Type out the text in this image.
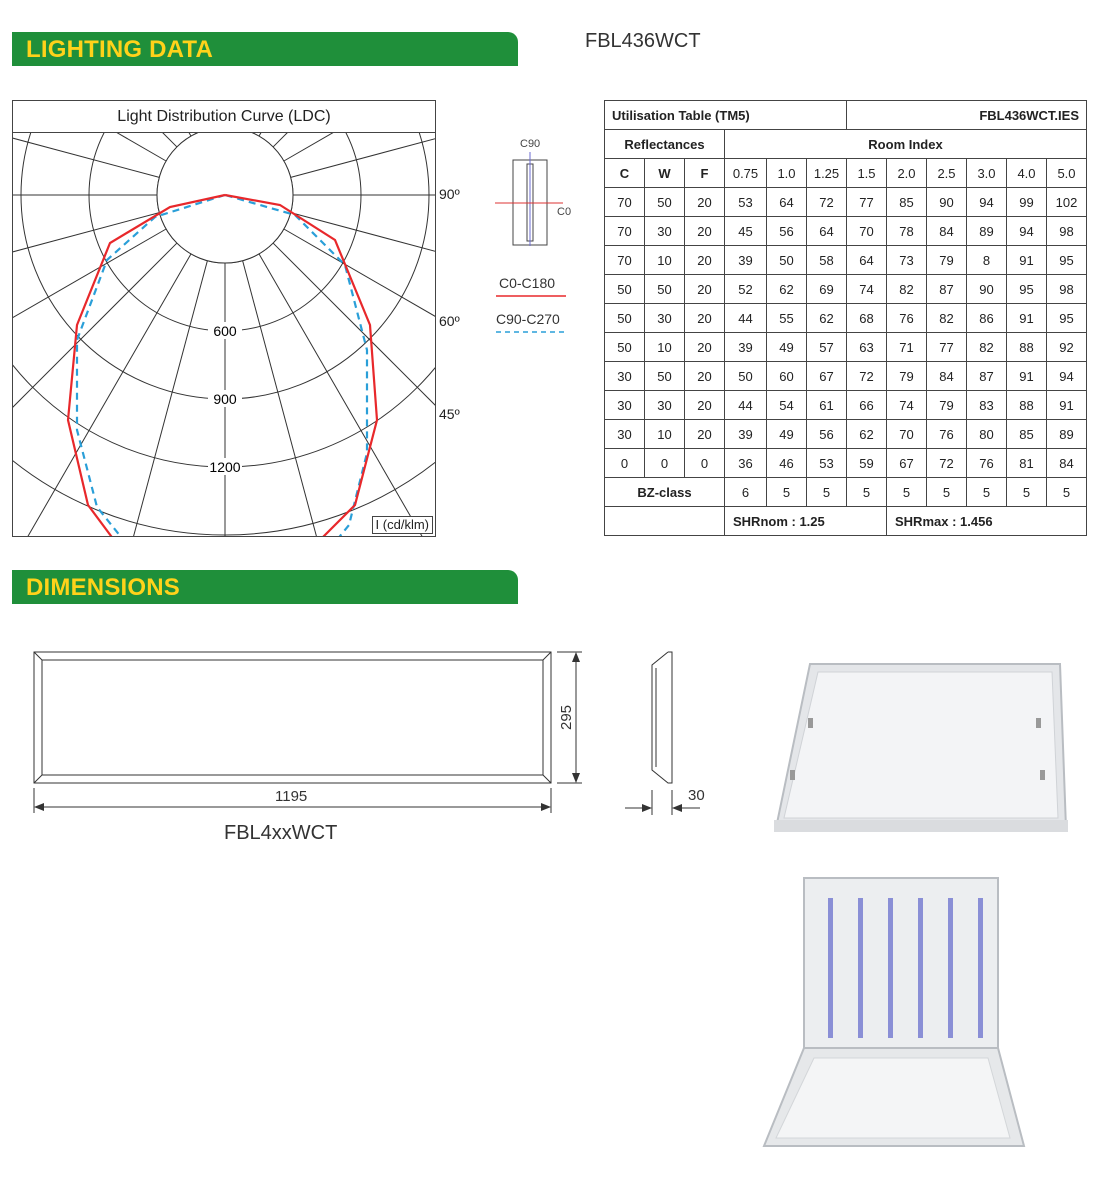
LIGHTING DATA	FBL436WCT
Light Distribution Curve (LDC)
600
900
1200
I (cd/klm)
90º
60º
45º
C90
C0
C0-C180
C90-C270
Utilisation Table (TM5)						FBL436WCT.IES					
Reflectances			Room Index								
C	W	F	0.75	1.0	1.25	1.5	2.0	2.5	3.0	4.0	5.0
70	50	20	53	64	72	77	85	90	94	99	102
70	30	20	45	56	64	70	78	84	89	94	98
70	10	20	39	50	58	64	73	79	8	91	95
50	50	20	52	62	69	74	82	87	90	95	98
50	30	20	44	55	62	68	76	82	86	91	95
50	10	20	39	49	57	63	71	77	82	88	92
30	50	20	50	60	67	72	79	84	87	91	94
30	30	20	44	54	61	66	74	79	83	88	91
30	10	20	39	49	56	62	70	76	80	85	89
0	0	0	36	46	53	59	67	72	76	81	84
BZ-class			6	5	5	5	5	5	5	5	5
			SHRnom : 1.25				SHRmax : 1.456				
DIMENSIONS
1195
295
30
FBL4xxWCT
